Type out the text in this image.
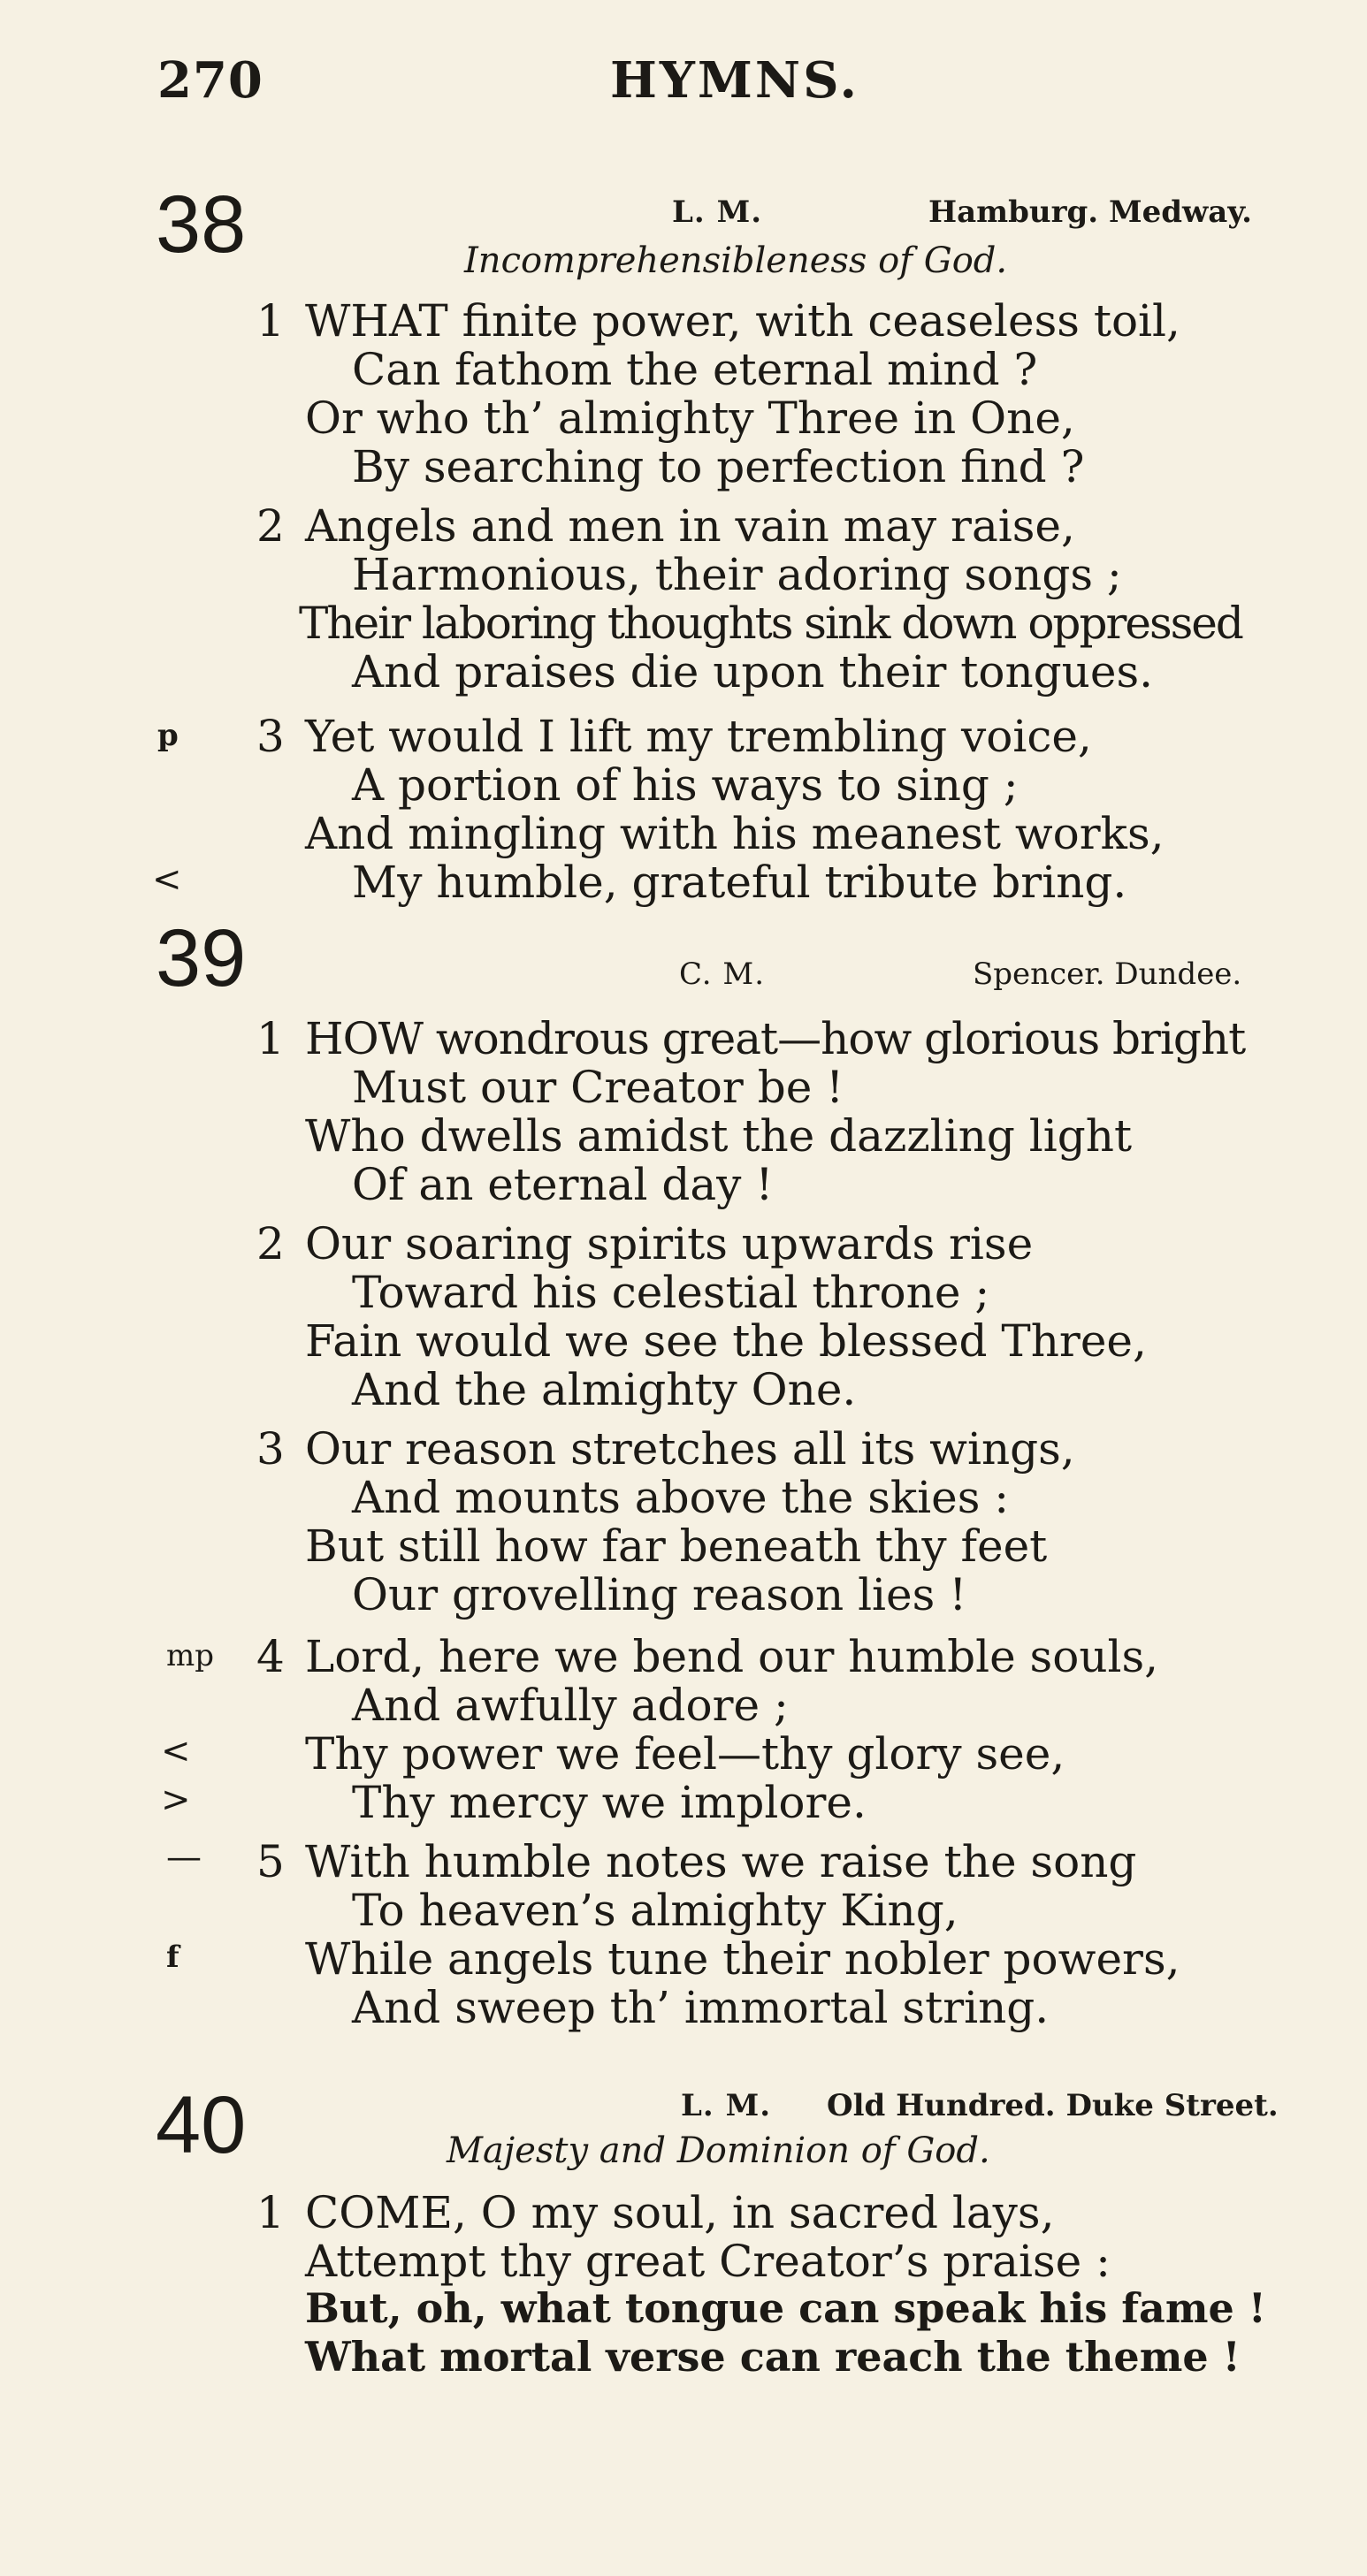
270	HYMNS.
38	L. M.	Hamburg. Medway.
Incomprehensibleness of God.
1 WHAT finite power, with ceaseless toil,
Can fathom the eternal mind ?
Or who th’ almighty Three in One,
By searching to perfection find ?
2 Angels and men in vain may raise,
Harmonious, their adoring songs ;
Their laboring thoughts sink down oppressed
And praises die upon their tongues.
p 3 Yet would I lift my trembling voice,
A portion of his ways to sing ;
And mingling with his meanest works,
<	My humble, grateful tribute bring.
39	C. M.	Spencer. Dundee.
1 HOW wondrous great—how glorious bright
Must our Creator be !
Who dwells amidst the dazzling light
Of an eternal day !
2 Our soaring spirits upwards rise
Toward his celestial throne ;
Fain would we see the blessed Three,
And the almighty One.
3 Our reason stretches all its wings,
And mounts above the skies :
But still how far beneath thy feet
Our grovelling reason lies !
mp 4 Lord, here we bend our humble souls,
And awfully adore ;
<	Thy power we feel—thy glory see,
>	Thy mercy we implore.
— 5 With humble notes we raise the song
To heaven’s almighty King,
f	While angels tune their nobler powers,
And sweep th’ immortal string.
40	L. M. Old Hundred. Duke Street.
Majesty and Dominion of God.
1 COME, O my soul, in sacred lays,
Attempt thy great Creator’s praise :
But, oh, what tongue can speak his fame !
What mortal verse can reach the theme !
